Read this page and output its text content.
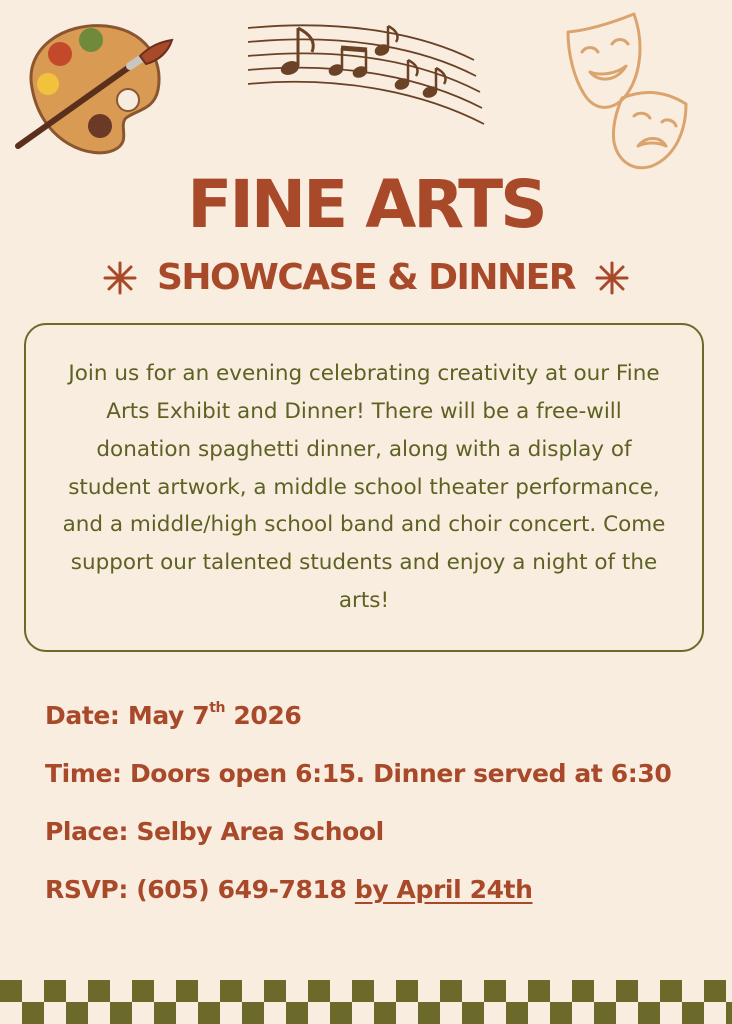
FINE ARTS
SHOWCASE & DINNER

Join us for an evening celebrating creativity at our Fine Arts Exhibit and Dinner! There will be a free-will donation spaghetti dinner, along with a display of student artwork, a middle school theater performance, and a middle/high school band and choir concert. Come support our talented students and enjoy a night of the arts!

Date: May 7th 2026
Time: Doors open 6:15. Dinner served at 6:30
Place: Selby Area School
RSVP: (605) 649-7818 by April 24th
